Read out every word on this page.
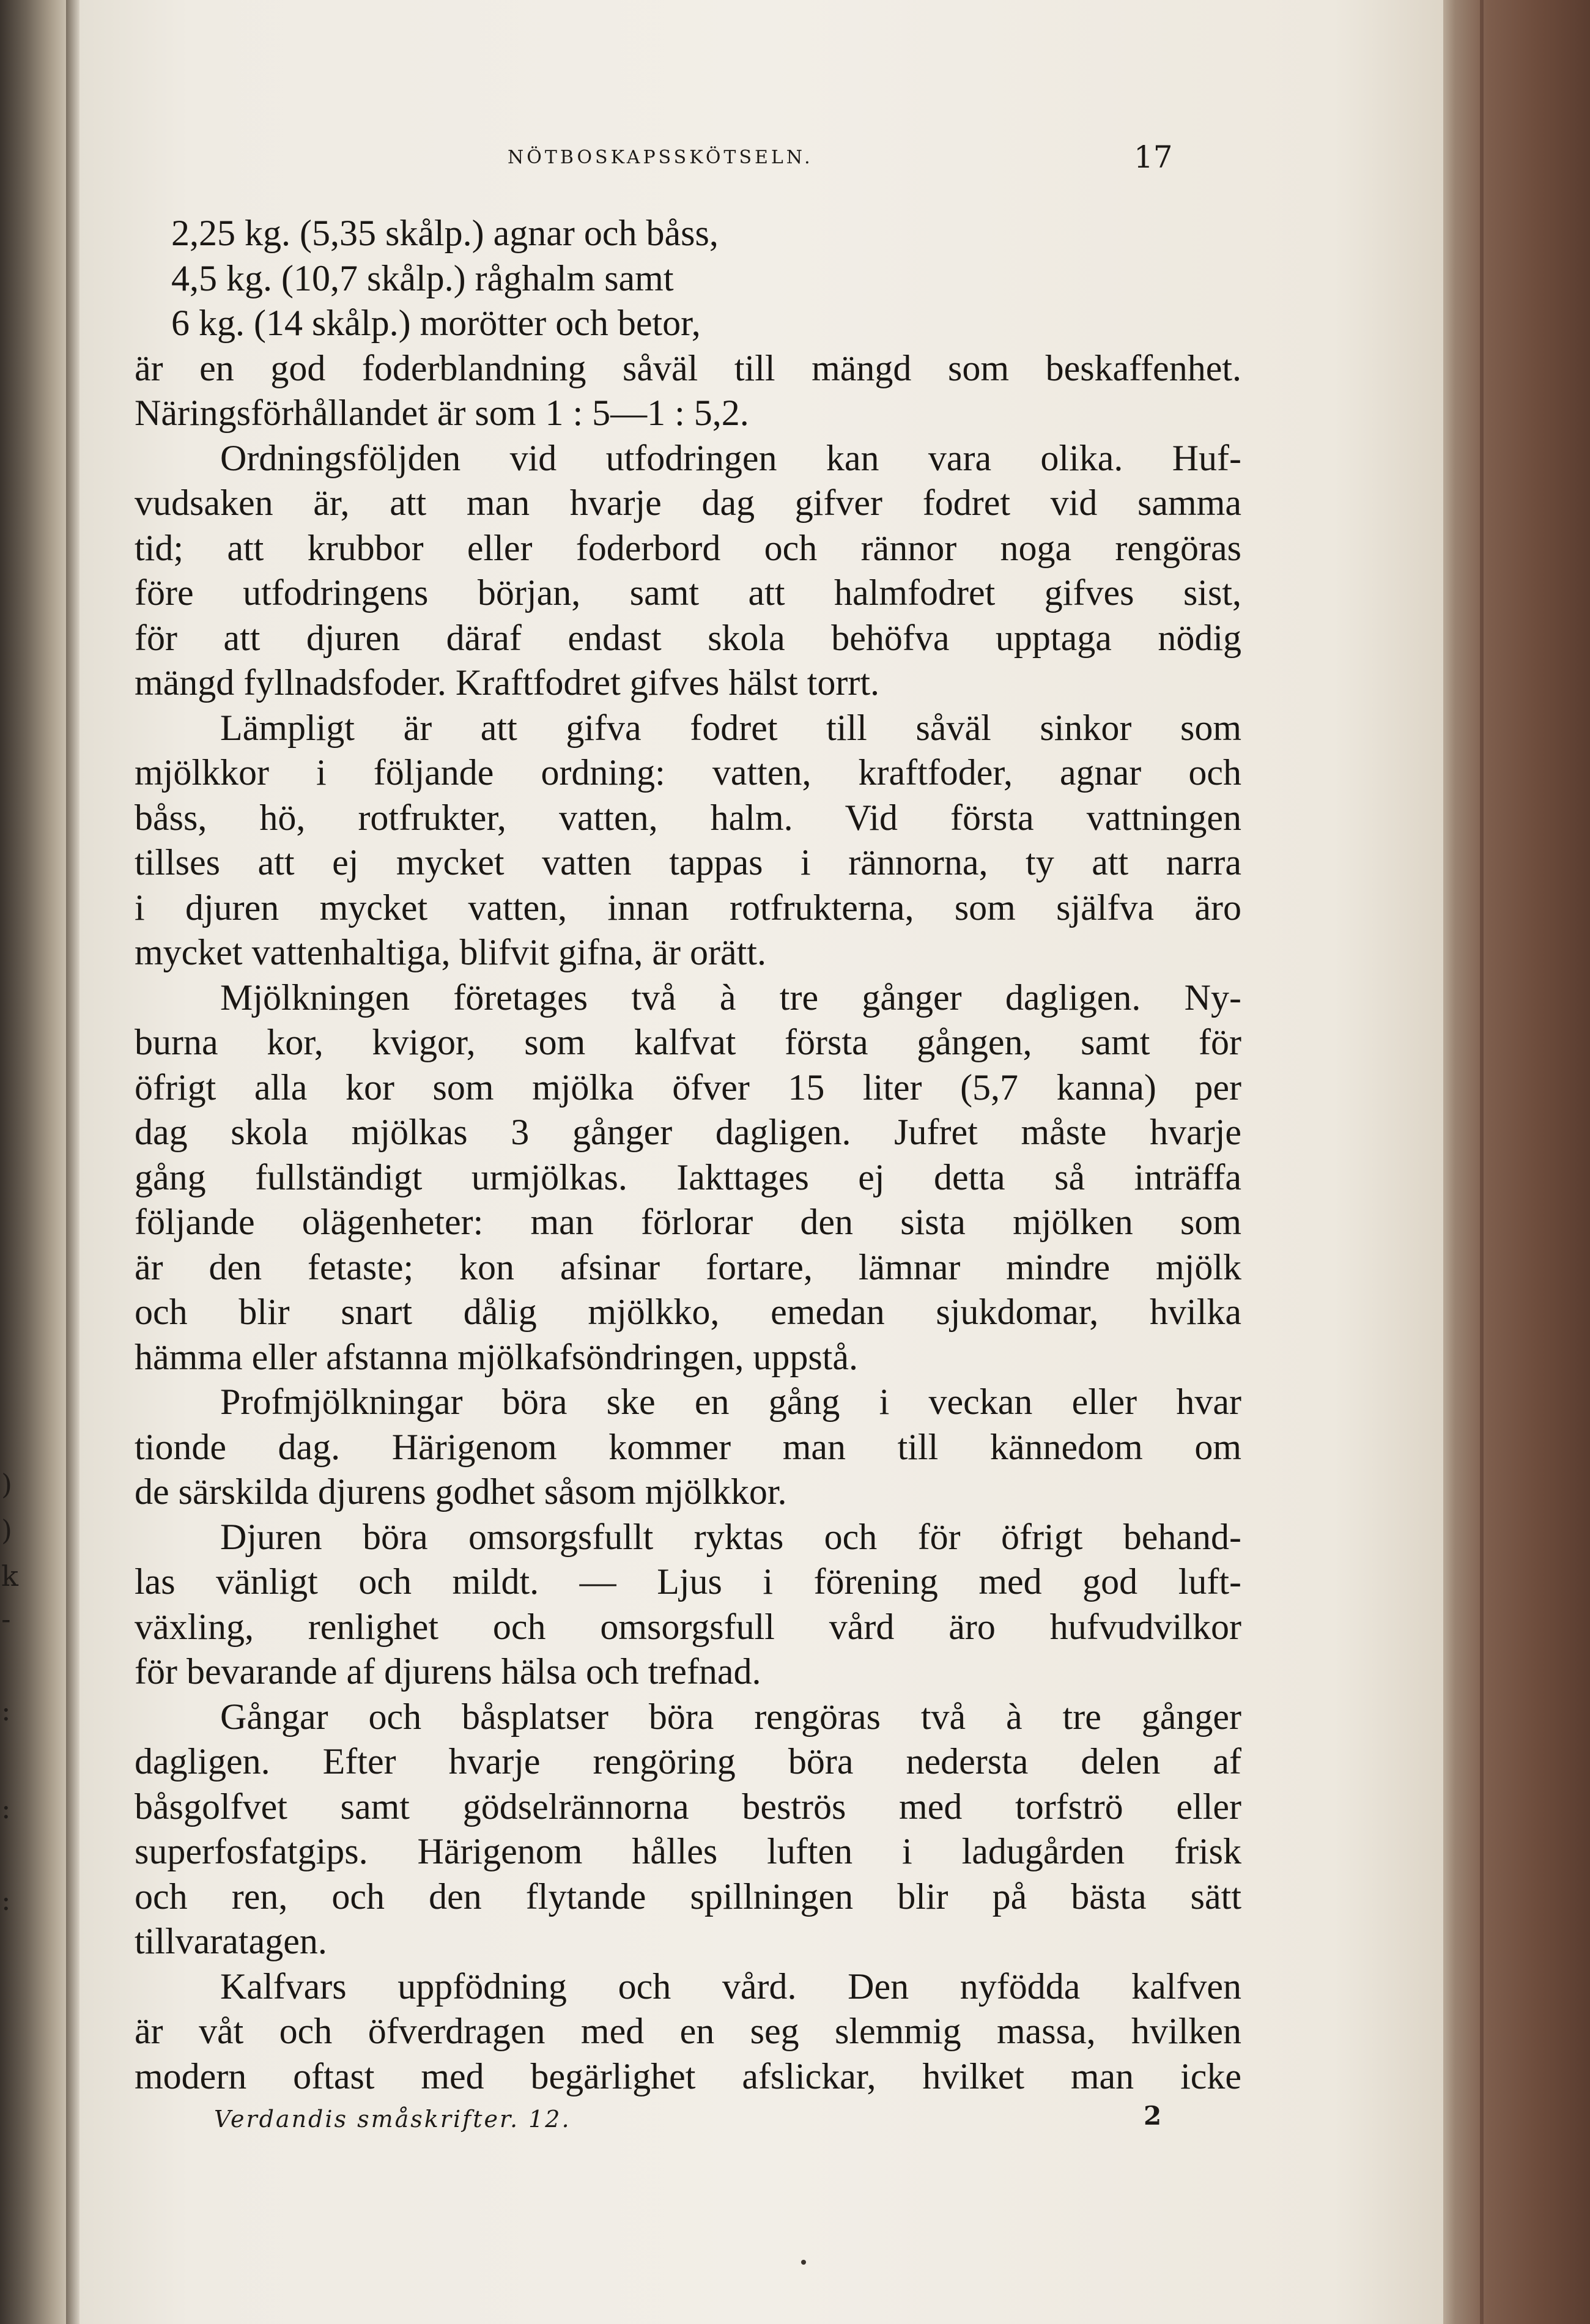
)
)
k
-
:
:
:
NÖTBOSKAPSSKÖTSELN.	17
2,25 kg. (5,35 skålp.) agnar och båss,
4,5 kg. (10,7 skålp.) råghalm samt
6 kg. (14 skålp.) morötter och betor,
är en god foderblandning såväl till mängd som beskaffenhet.
Näringsförhållandet är som 1 : 5—1 : 5,2.
Ordningsföljden vid utfodringen kan vara olika. Huf-
vudsaken är, att man hvarje dag gifver fodret vid samma
tid; att krubbor eller foderbord och rännor noga rengöras
före utfodringens början, samt att halmfodret gifves sist,
för att djuren däraf endast skola behöfva upptaga nödig
mängd fyllnadsfoder. Kraftfodret gifves hälst torrt.
Lämpligt är att gifva fodret till såväl sinkor som
mjölkkor i följande ordning: vatten, kraftfoder, agnar och
båss, hö, rotfrukter, vatten, halm. Vid första vattningen
tillses att ej mycket vatten tappas i rännorna, ty att narra
i djuren mycket vatten, innan rotfrukterna, som själfva äro
mycket vattenhaltiga, blifvit gifna, är orätt.
Mjölkningen företages två à tre gånger dagligen. Ny-
burna kor, kvigor, som kalfvat första gången, samt för
öfrigt alla kor som mjölka öfver 15 liter (5,7 kanna) per
dag skola mjölkas 3 gånger dagligen. Jufret måste hvarje
gång fullständigt urmjölkas. Iakttages ej detta så inträffa
följande olägenheter: man förlorar den sista mjölken som
är den fetaste; kon afsinar fortare, lämnar mindre mjölk
och blir snart dålig mjölkko, emedan sjukdomar, hvilka
hämma eller afstanna mjölkafsöndringen, uppstå.
Profmjölkningar böra ske en gång i veckan eller hvar
tionde dag. Härigenom kommer man till kännedom om
de särskilda djurens godhet såsom mjölkkor.
Djuren böra omsorgsfullt ryktas och för öfrigt behand-
las vänligt och mildt. — Ljus i förening med god luft-
växling, renlighet och omsorgsfull vård äro hufvudvilkor
för bevarande af djurens hälsa och trefnad.
Gångar och båsplatser böra rengöras två à tre gånger
dagligen. Efter hvarje rengöring böra nedersta delen af
båsgolfvet samt gödselrännorna beströs med torfströ eller
superfosfatgips. Härigenom hålles luften i ladugården frisk
och ren, och den flytande spillningen blir på bästa sätt
tillvaratagen.
Kalfvars uppfödning och vård. Den nyfödda kalfven
är våt och öfverdragen med en seg slemmig massa, hvilken
modern oftast med begärlighet afslickar, hvilket man icke
Verdandis småskrifter. 12.	2
